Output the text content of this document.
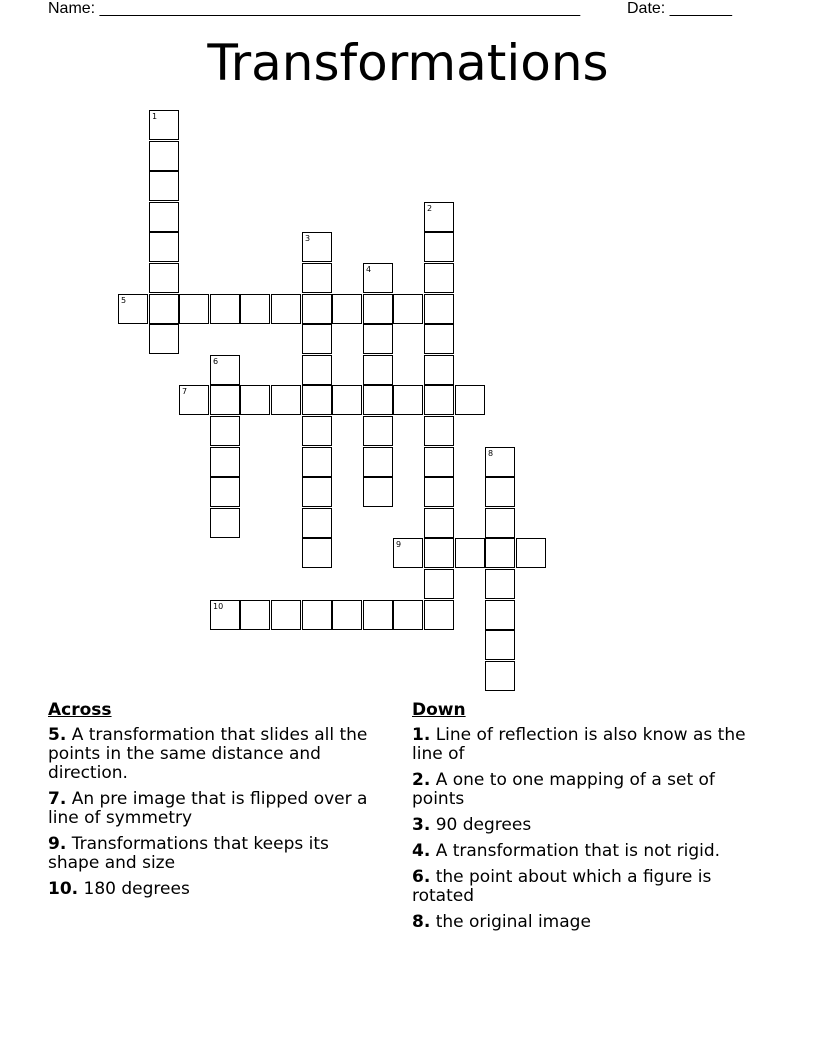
Name: ______________________________________________________	Date: _______
Transformations
1
2
3
4
5
6
7
8
9
10
Across
5. A transformation that slides all the points in the same distance and direction.
7. An pre image that is flipped over a line of symmetry
9. Transformations that keeps its shape and size
10. 180 degrees
Down
1. Line of reflection is also know as the line of
2. A one to one mapping of a set of points
3. 90 degrees
4. A transformation that is not rigid.
6. the point about which a figure is rotated
8. the original image
